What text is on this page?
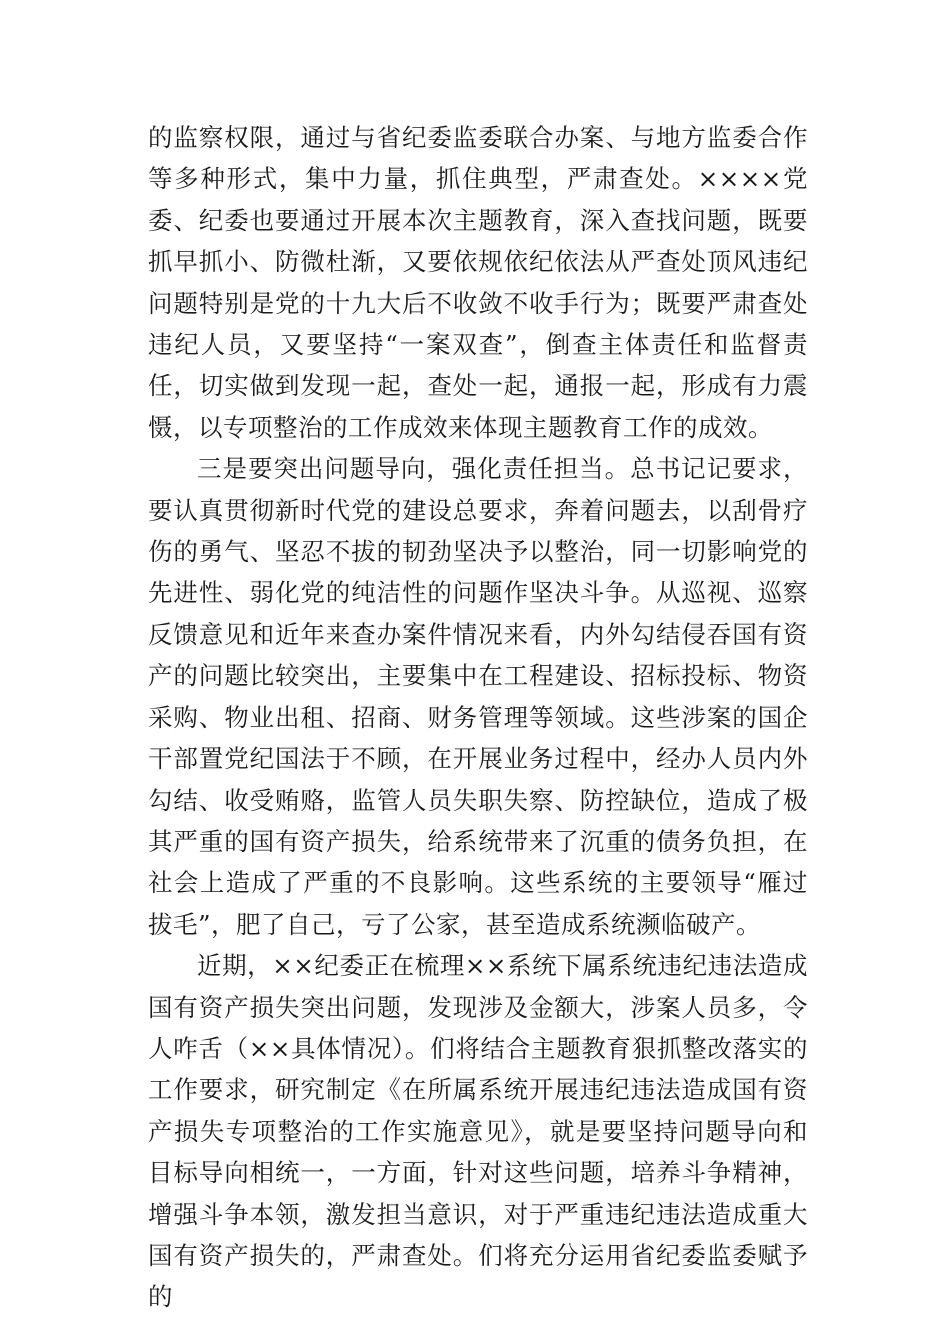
的监察权限，通过与省纪委监委联合办案、与地方监委合作等多种形式，集中力量，抓住典型，严肃查处。××××党委、纪委也要通过开展本次主题教育，深入查找问题，既要抓早抓小、防微杜渐，又要依规依纪依法从严查处顶风违纪问题特别是党的十九大后不收敛不收手行为；既要严肃查处违纪人员，又要坚持“一案双查”，倒查主体责任和监督责任，切实做到发现一起，查处一起，通报一起，形成有力震慑，以专项整治的工作成效来体现主题教育工作的成效。

三是要突出问题导向，强化责任担当。总书记记要求，要认真贯彻新时代党的建设总要求，奔着问题去，以刮骨疗伤的勇气、坚忍不拔的韧劲坚决予以整治，同一切影响党的先进性、弱化党的纯洁性的问题作坚决斗争。从巡视、巡察反馈意见和近年来查办案件情况来看，内外勾结侵吞国有资产的问题比较突出，主要集中在工程建设、招标投标、物资采购、物业出租、招商、财务管理等领域。这些涉案的国企干部置党纪国法于不顾，在开展业务过程中，经办人员内外勾结、收受贿赂，监管人员失职失察、防控缺位，造成了极其严重的国有资产损失，给系统带来了沉重的债务负担，在社会上造成了严重的不良影响。这些系统的主要领导“雁过拔毛”，肥了自己，亏了公家，甚至造成系统濒临破产。

近期，××纪委正在梳理××系统下属系统违纪违法造成国有资产损失突出问题，发现涉及金额大，涉案人员多，令人咋舌（××具体情况）。们将结合主题教育狠抓整改落实的工作要求，研究制定《在所属系统开展违纪违法造成国有资产损失专项整治的工作实施意见》，就是要坚持问题导向和目标导向相统一，一方面，针对这些问题，培养斗争精神，增强斗争本领，激发担当意识，对于严重违纪违法造成重大国有资产损失的，严肃查处。们将充分运用省纪委监委赋予的
